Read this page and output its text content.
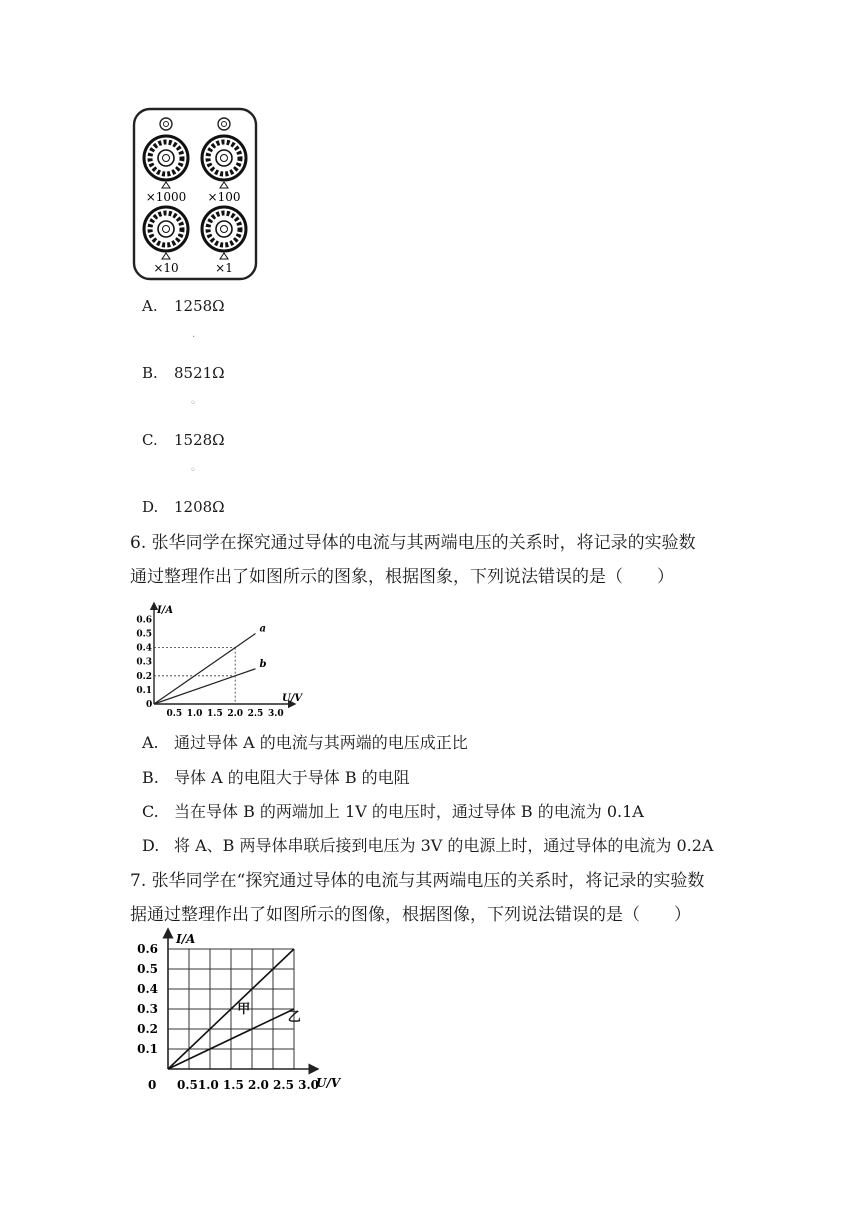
×1000 ×100
×10	×1
A. 1258Ω
·
B. 8521Ω
◦
C. 1528Ω
◦
D. 1208Ω
6. 张华同学在探究通过导体的电流与其两端电压的关系时，将记录的实验数
通过整理作出了如图所示的图象，根据图象，下列说法错误的是（　　）
a
b
0.5 1.0 1.5 2.0 2.5 3.0
0.1
0.2
0.3
0.4
0.5
0.6
I/A
U/V
0
A. 通过导体 A 的电流与其两端的电压成正比
B. 导体 A 的电阻大于导体 B 的电阻
C. 当在导体 B 的两端加上 1V 的电压时，通过导体 B 的电流为 0.1A
D. 将 A、B 两导体串联后接到电压为 3V 的电源上时，通过导体的电流为 0.2A
7. 张华同学在“探究通过导体的电流与其两端电压的关系时，将记录的实验数
据通过整理作出了如图所示的图像，根据图像，下列说法错误的是（　　）
甲
乙
0.1
0.2
0.3
0.4
0.5
0.6
I/A
U/V
0 0.51.0 1.5 2.0 2.5 3.0
